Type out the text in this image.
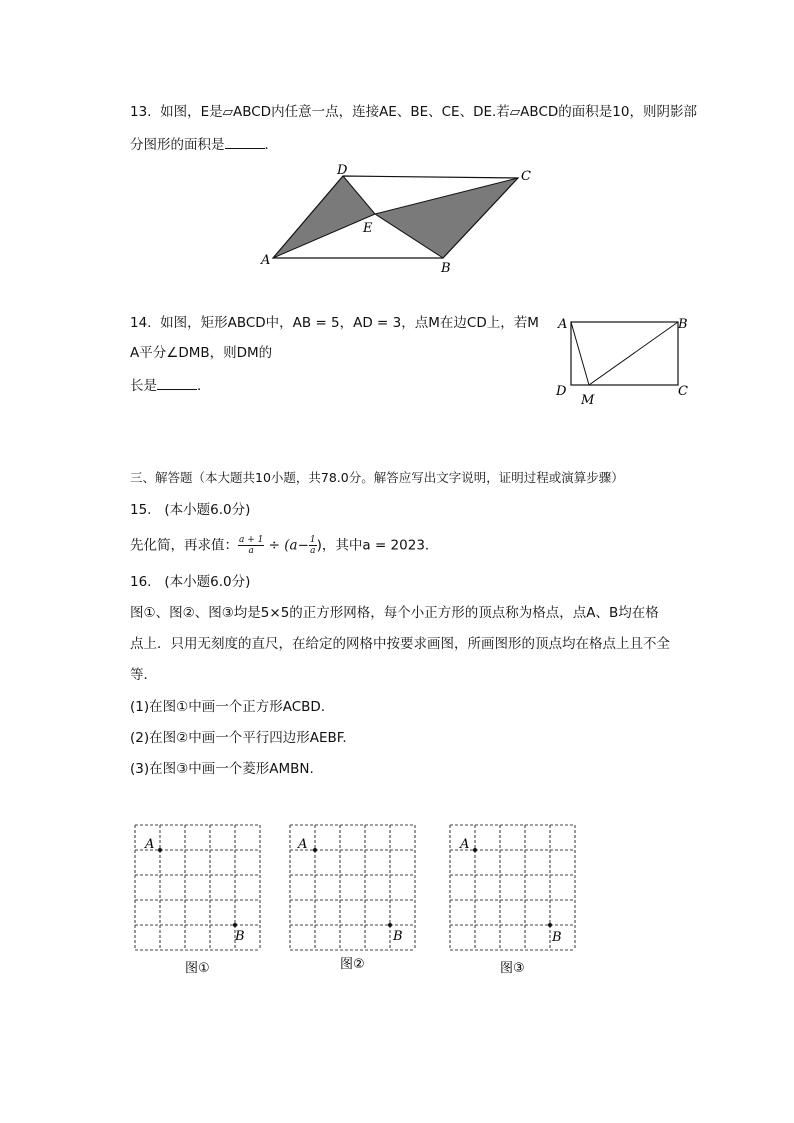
13. 如图，E是▱ABCD内任意一点，连接AE、BE、CE、DE.若▱ABCD的面积是10，则阴影部
分图形的面积是	．
A
B
C
D
E
14. 如图，矩形ABCD中，AB = 5，AD = 3，点M在边CD上，若M
A平分∠DMB，则DM的
长是	．
A	B
C
D
M
三、解答题（本大题共10小题，共78.0分。解答应写出文字说明，证明过程或演算步骤）
15. (本小题6.0分)
先化简，再求值： $\frac{a + 1}{a} \div (a- \frac{1}{a}$ )，其中a = 2023.
16. (本小题6.0分)
图①、图②、图③均是5×5的正方形网格，每个小正方形的顶点称为格点，点A、B均在格
点上．只用无刻度的直尺，在给定的网格中按要求画图，所画图形的顶点均在格点上且不全
等．
(1)在图①中画一个正方形ACBD.
(2)在图②中画一个平行四边形AEBF.
(3)在图③中画一个菱形AMBN.
A
B
图①
A
B
图②
A
B
图③
